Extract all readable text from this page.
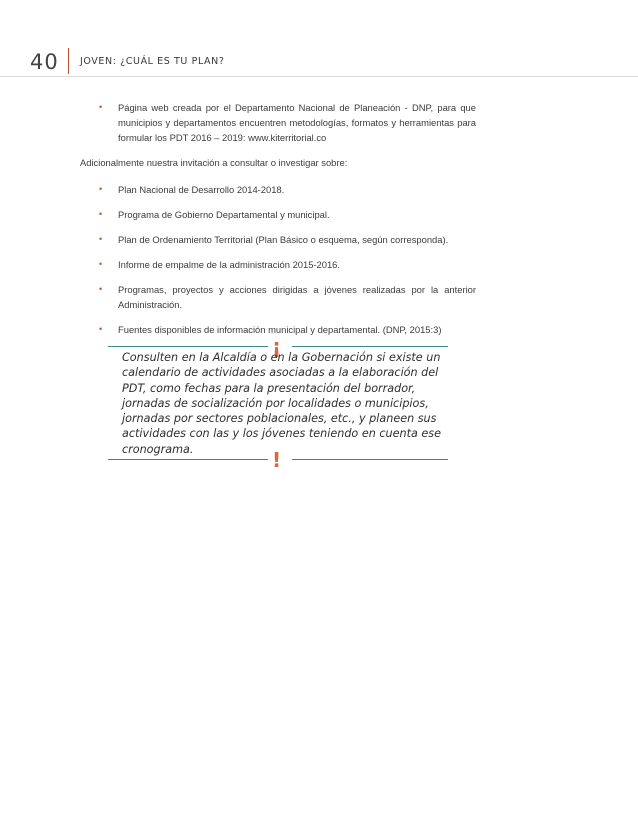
40 JOVEN: ¿CUÁL ES TU PLAN?
• Página web creada por el Departamento Nacional de Planeación - DNP, para que municipios y departamentos encuentren metodologías, formatos y herramientas para formular los PDT 2016 – 2019: www.kiterritorial.co

Adicionalmente nuestra invitación a consultar o investigar sobre:

• Plan Nacional de Desarrollo 2014-2018.
• Programa de Gobierno Departamental y municipal.
• Plan de Ordenamiento Territorial (Plan Básico o esquema, según corresponda).
• Informe de empalme de la administración 2015-2016.
• Programas, proyectos y acciones dirigidas a jóvenes realizadas por la anterior Administración.
• Fuentes disponibles de información municipal y departamental. (DNP, 2015:3)
¡
Consulten en la Alcaldía o en la Gobernación si existe un calendario de actividades asociadas a la elaboración del PDT, como fechas para la presentación del borrador, jornadas de socialización por localidades o municipios, jornadas por sectores poblacionales, etc., y planeen sus actividades con las y los jóvenes teniendo en cuenta ese cronograma.	!
